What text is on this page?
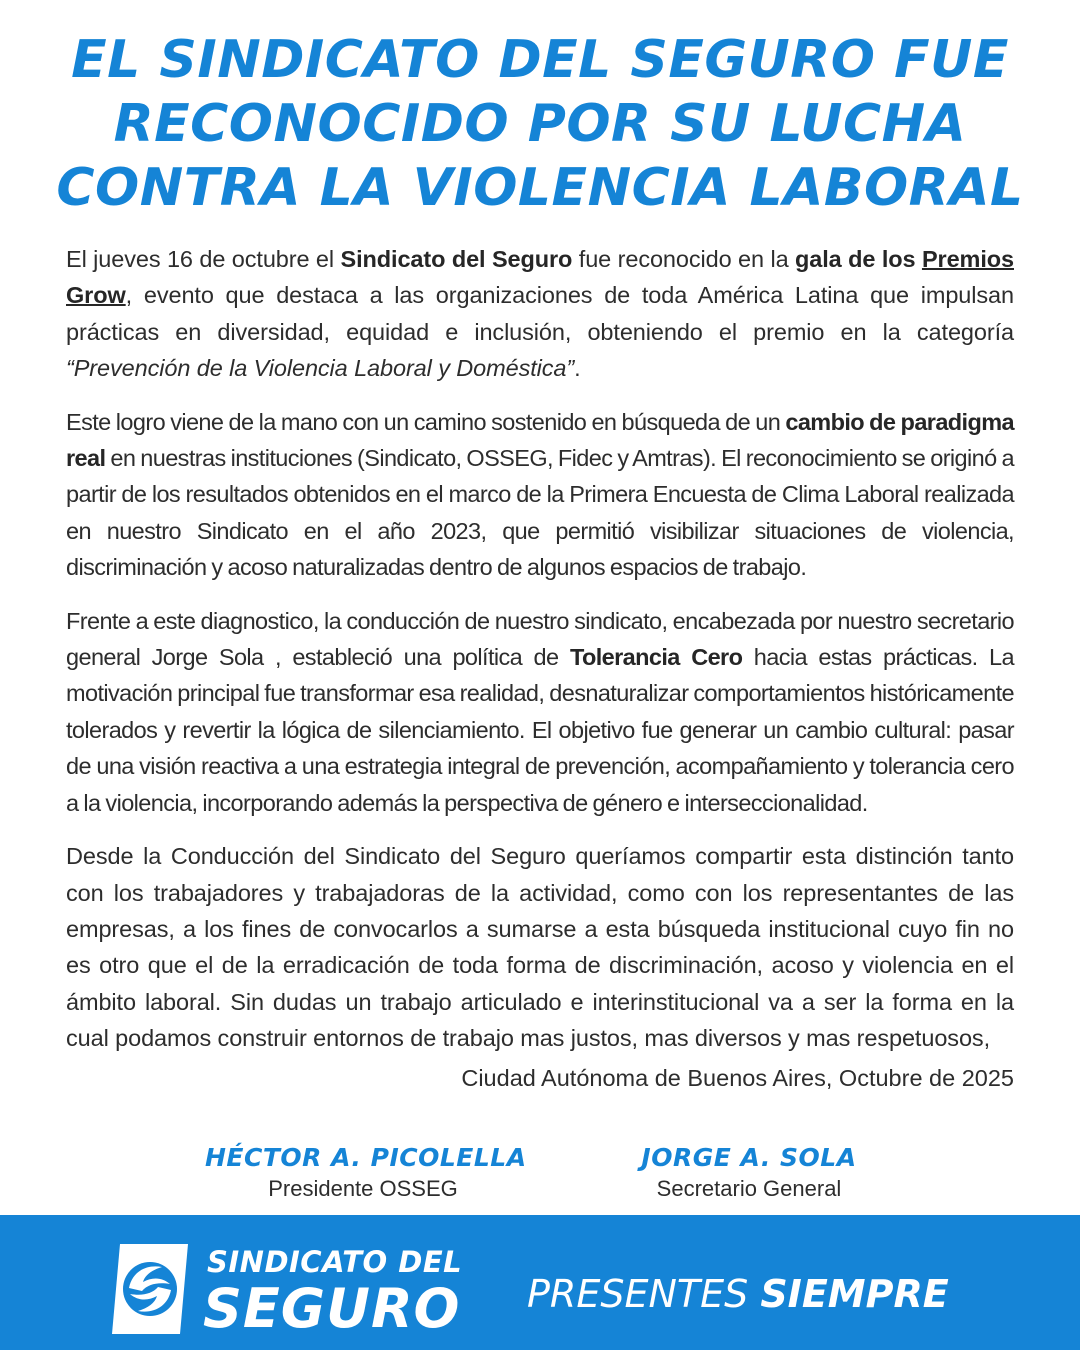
EL SINDICATO DEL SEGURO FUE
RECONOCIDO POR SU LUCHA
CONTRA LA VIOLENCIA LABORAL

El jueves 16 de octubre el Sindicato del Seguro fue reconocido en la gala de los Premios Grow, evento que destaca a las organizaciones de toda América Latina que impulsan prácticas en diversidad, equidad e inclusión, obteniendo el premio en la categoría “Prevención de la Violencia Laboral y Doméstica”.

Este logro viene de la mano con un camino sostenido en búsqueda de un cambio de paradigma real en nuestras instituciones (Sindicato, OSSEG, Fidec y Amtras). El reconocimiento se originó a partir de los resultados obtenidos en el marco de la Primera Encuesta de Clima Laboral realizada en nuestro Sindicato en el año 2023, que permitió visibilizar situaciones de violencia, discriminación y acoso naturalizadas dentro de algunos espacios de trabajo.

Frente a este diagnostico, la conducción de nuestro sindicato, encabezada por nuestro secretario general Jorge Sola , estableció una política de Tolerancia Cero hacia estas prácticas. La motivación principal fue transformar esa realidad, desnaturalizar comportamientos históricamente tolerados y revertir la lógica de silenciamiento. El objetivo fue generar un cambio cultural: pasar de una visión reactiva a una estrategia integral de prevención, acompañamiento y tolerancia cero a la violencia, incorporando además la perspectiva de género e interseccionalidad.

Desde la Conducción del Sindicato del Seguro queríamos compartir esta distinción tanto con los trabajadores y trabajadoras de la actividad, como con los representantes de las empresas, a los fines de convocarlos a sumarse a esta búsqueda institucional cuyo fin no es otro que el de la erradicación de toda forma de discriminación, acoso y violencia en el ámbito laboral. Sin dudas un trabajo articulado e interinstitucional va a ser la forma en la cual podamos construir entornos de trabajo mas justos, mas diversos y mas respetuosos,

Ciudad Autónoma de Buenos Aires, Octubre de 2025

HÉCTOR A. PICOLELLA
Presidente OSSEG
JORGE A. SOLA
Secretario General
SINDICATO DEL
SEGURO PRESENTES SIEMPRE
